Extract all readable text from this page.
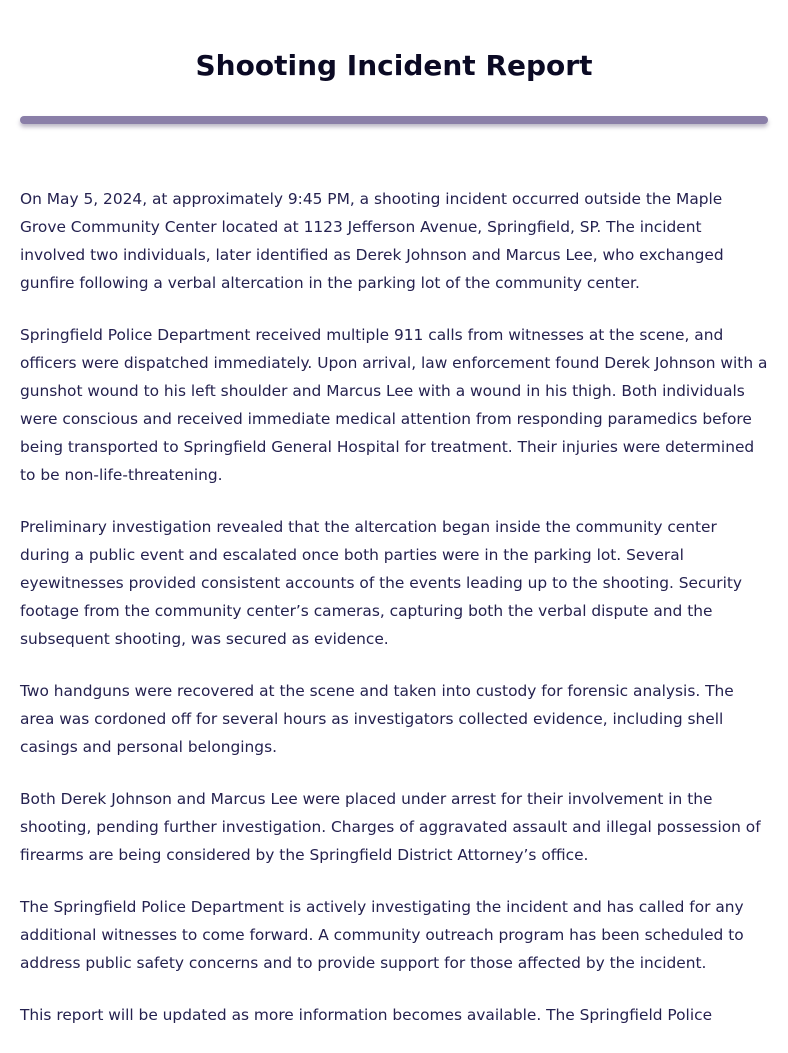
Shooting Incident Report

On May 5, 2024, at approximately 9:45 PM, a shooting incident occurred outside the Maple Grove Community Center located at 1123 Jefferson Avenue, Springfield, SP. The incident involved two individuals, later identified as Derek Johnson and Marcus Lee, who exchanged gunfire following a verbal altercation in the parking lot of the community center.

Springfield Police Department received multiple 911 calls from witnesses at the scene, and officers were dispatched immediately. Upon arrival, law enforcement found Derek Johnson with a gunshot wound to his left shoulder and Marcus Lee with a wound in his thigh. Both individuals were conscious and received immediate medical attention from responding paramedics before being transported to Springfield General Hospital for treatment. Their injuries were determined to be non-life-threatening.

Preliminary investigation revealed that the altercation began inside the community center during a public event and escalated once both parties were in the parking lot. Several eyewitnesses provided consistent accounts of the events leading up to the shooting. Security footage from the community center’s cameras, capturing both the verbal dispute and the subsequent shooting, was secured as evidence.

Two handguns were recovered at the scene and taken into custody for forensic analysis. The area was cordoned off for several hours as investigators collected evidence, including shell casings and personal belongings.

Both Derek Johnson and Marcus Lee were placed under arrest for their involvement in the shooting, pending further investigation. Charges of aggravated assault and illegal possession of firearms are being considered by the Springfield District Attorney’s office.

The Springfield Police Department is actively investigating the incident and has called for any additional witnesses to come forward. A community outreach program has been scheduled to address public safety concerns and to provide support for those affected by the incident.

This report will be updated as more information becomes available. The Springfield Police
